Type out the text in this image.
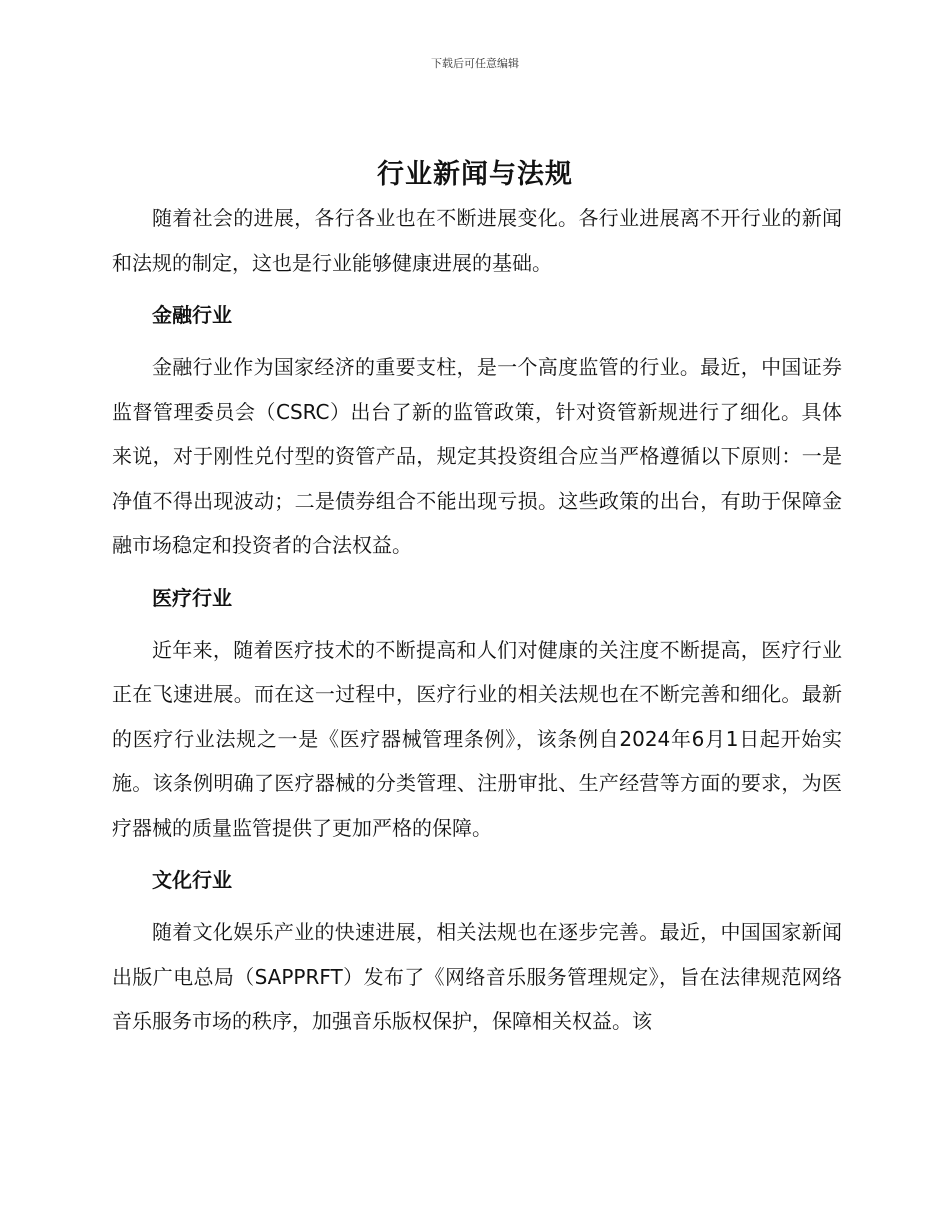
下载后可任意编辑
行业新闻与法规

随着社会的进展，各行各业也在不断进展变化。各行业进展离不开行业的新闻和法规的制定，这也是行业能够健康进展的基础。

金融行业

金融行业作为国家经济的重要支柱，是一个高度监管的行业。最近，中国证券监督管理委员会（CSRC）出台了新的监管政策，针对资管新规进行了细化。具体来说，对于刚性兑付型的资管产品，规定其投资组合应当严格遵循以下原则：一是净值不得出现波动；二是债券组合不能出现亏损。这些政策的出台，有助于保障金融市场稳定和投资者的合法权益。

医疗行业

近年来，随着医疗技术的不断提高和人们对健康的关注度不断提高，医疗行业正在飞速进展。而在这一过程中，医疗行业的相关法规也在不断完善和细化。最新的医疗行业法规之一是《医疗器械管理条例》，该条例自2024年6月1日起开始实施。该条例明确了医疗器械的分类管理、注册审批、生产经营等方面的要求，为医疗器械的质量监管提供了更加严格的保障。

文化行业

随着文化娱乐产业的快速进展，相关法规也在逐步完善。最近，中国国家新闻出版广电总局（SAPPRFT）发布了《网络音乐服务管理规定》，旨在法律规范网络音乐服务市场的秩序，加强音乐版权保护，保障相关权益。该
